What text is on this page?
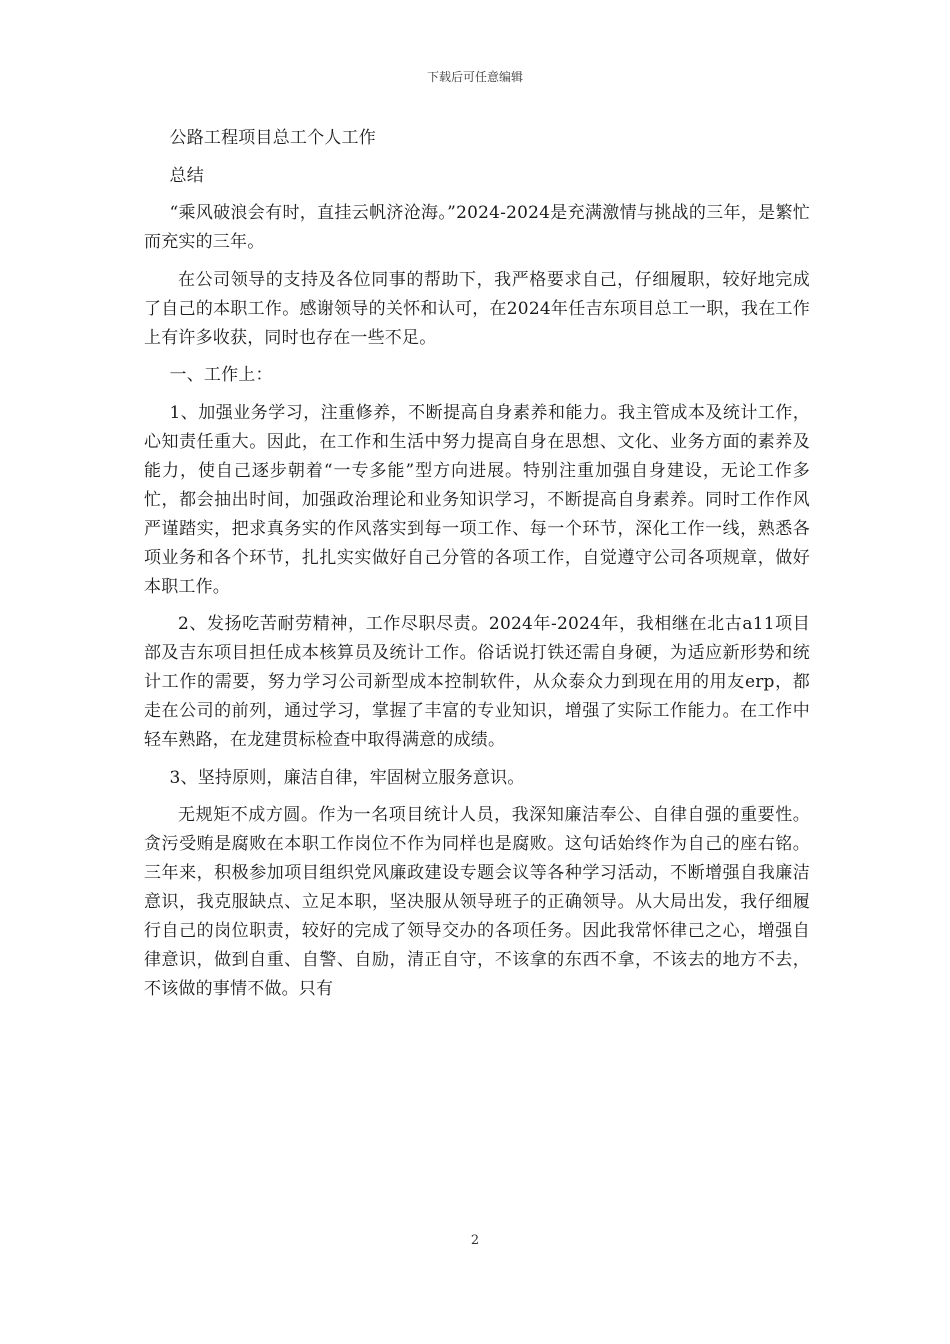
下载后可任意编辑

公路工程项目总工个人工作

总结

“乘风破浪会有时，直挂云帆济沧海。”2024-2024是充满激情与挑战的三年，是繁忙而充实的三年。

在公司领导的支持及各位同事的帮助下，我严格要求自己，仔细履职，较好地完成了自己的本职工作。感谢领导的关怀和认可，在2024年任吉东项目总工一职，我在工作上有许多收获，同时也存在一些不足。

一、工作上：

1、加强业务学习，注重修养，不断提高自身素养和能力。我主管成本及统计工作，心知责任重大。因此，在工作和生活中努力提高自身在思想、文化、业务方面的素养及能力，使自己逐步朝着“一专多能”型方向进展。特别注重加强自身建设，无论工作多忙，都会抽出时间，加强政治理论和业务知识学习，不断提高自身素养。同时工作作风严谨踏实，把求真务实的作风落实到每一项工作、每一个环节，深化工作一线，熟悉各项业务和各个环节，扎扎实实做好自己分管的各项工作，自觉遵守公司各项规章，做好本职工作。

2、发扬吃苦耐劳精神，工作尽职尽责。2024年-2024年，我相继在北古a11项目部及吉东项目担任成本核算员及统计工作。俗话说打铁还需自身硬，为适应新形势和统计工作的需要，努力学习公司新型成本控制软件，从众泰众力到现在用的用友erp，都走在公司的前列，通过学习，掌握了丰富的专业知识，增强了实际工作能力。在工作中轻车熟路，在龙建贯标检查中取得满意的成绩。

3、坚持原则，廉洁自律，牢固树立服务意识。

无规矩不成方圆。作为一名项目统计人员，我深知廉洁奉公、自律自强的重要性。贪污受贿是腐败在本职工作岗位不作为同样也是腐败。这句话始终作为自己的座右铭。三年来，积极参加项目组织党风廉政建设专题会议等各种学习活动，不断增强自我廉洁意识，我克服缺点、立足本职，坚决服从领导班子的正确领导。从大局出发，我仔细履行自己的岗位职责，较好的完成了领导交办的各项任务。因此我常怀律己之心，增强自律意识，做到自重、自警、自励，清正自守，不该拿的东西不拿，不该去的地方不去，不该做的事情不做。只有

2
